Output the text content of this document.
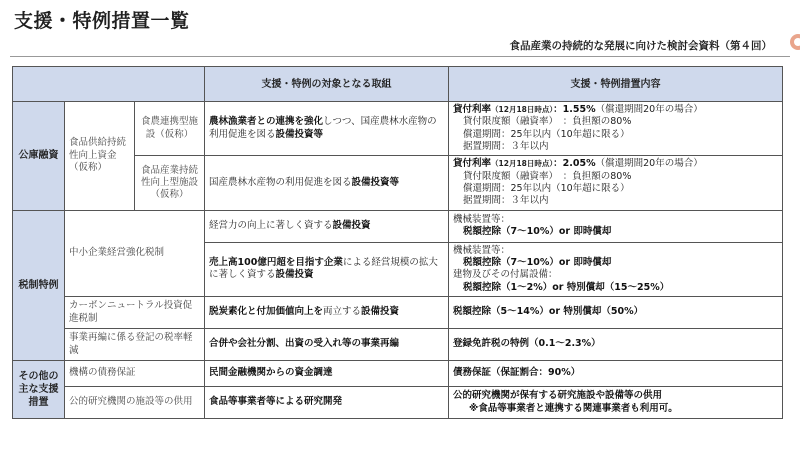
支援・特例措置一覧
食品産業の持続的な発展に向けた検討会資料（第４回）
			支援・特例の対象となる取組	支援・特例措置内容
公庫融資	食品供給持続性向上資金（仮称）	食農連携型施設（仮称）	農林漁業者との連携を強化しつつ、国産農林水産物の利用促進を図る設備投資等	貸付利率（12月18日時点）：1.55%（償還期間20年の場合）
貸付限度額（融資率）　：負担額の80%
償還期間：25年以内（10年超に限る）
据置期間：３年以内

		食品産業持続性向上型施設（仮称）	国産農林水産物の利用促進を図る設備投資等	貸付利率（12月18日時点）：2.05%（償還期間20年の場合）
貸付限度額（融資率）　：負担額の80%
償還期間：25年以内（10年超に限る）
据置期間：３年以内

税制特例	中小企業経営強化税制		経営力の向上に著しく資する設備投資	機械装置等：
税額控除（7～10%）or 即時償却

			売上高100億円超を目指す企業による経営規模の拡大に著しく資する設備投資	機械装置等：
税額控除（7～10%）or 即時償却
建物及びその付属設備：
税額控除（1～2%）or 特別償却（15～25%）

	カーボンニュートラル投資促進税制		脱炭素化と付加価値向上を両立する設備投資	税額控除（5～14%）or 特別償却（50%）
	事業再編に係る登記の税率軽減		合併や会社分割、出資の受入れ等の事業再編	登録免許税の特例（0.1～2.3%）
その他の主な支援措置	機構の債務保証		民間金融機関からの資金調達	債務保証（保証割合：90%）
	公的研究機関の施設等の供用		食品等事業者等による研究開発	公的研究機関が保有する研究施設や設備等の供用
※食品等事業者と連携する関連事業者も利用可。
